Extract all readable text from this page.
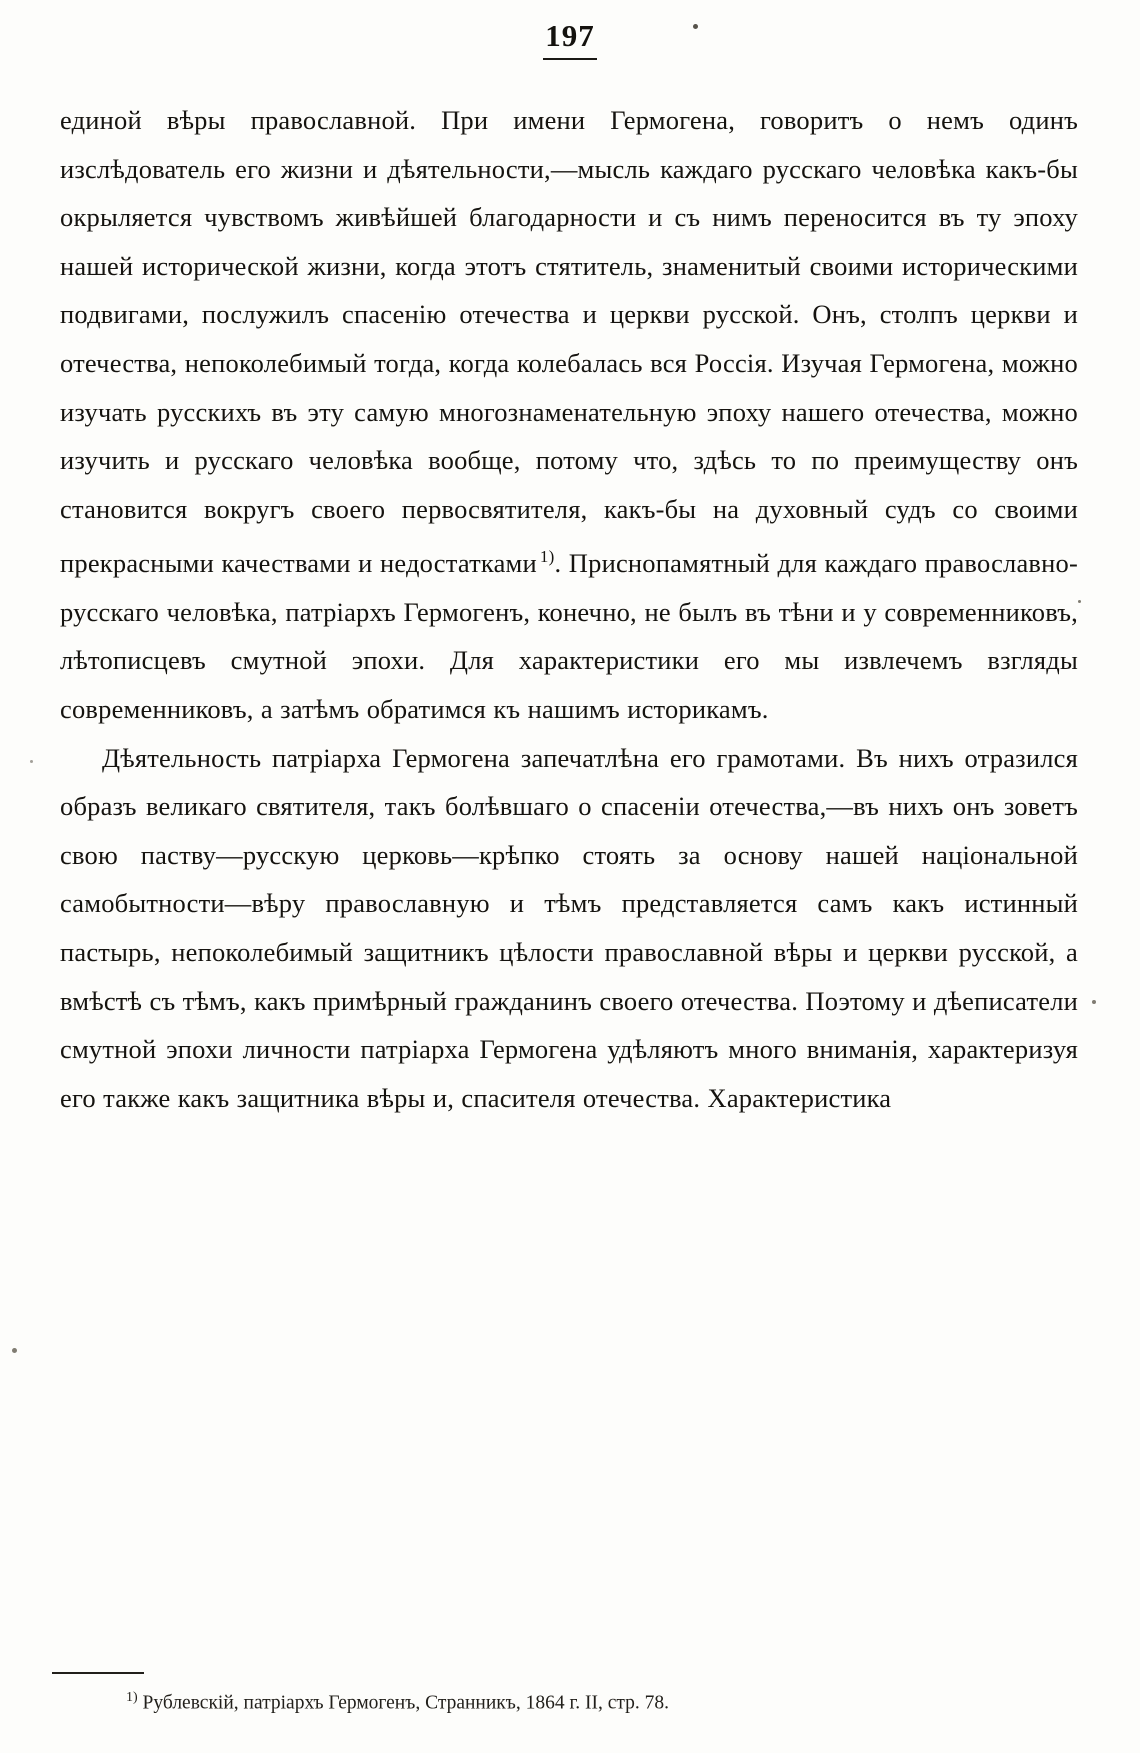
197

единой вѣры православной. При имени Гермогена, говоритъ о немъ одинъ изслѣдователь его жизни и дѣятельности,—мысль каждаго русскаго человѣка какъ-бы окрыляется чувствомъ живѣйшей благодарности и съ нимъ переносится въ ту эпоху нашей исторической жизни, когда этотъ стятитель, знаменитый своими историческими подвигами, послужилъ спасенію отечества и церкви русской. Онъ, столпъ церкви и отечества, непоколебимый тогда, когда колебалась вся Россія. Изучая Гермогена, можно изучать русскихъ въ эту самую многознаменательную эпоху нашего отечества, можно изучить и русскаго человѣка вообще, потому что, здѣсь то по преимуществу онъ становится вокругъ своего первосвятителя, какъ-бы на духовный судъ со своими прекрасными качествами и недостатками $^{1)}$. Приснопамятный для каждаго православно-русскаго человѣка, патріархъ Гермогенъ, конечно, не былъ въ тѣни и у современниковъ, лѣтописцевъ смутной эпохи. Для характеристики его мы извлечемъ взгляды современниковъ, а затѣмъ обратимся къ нашимъ историкамъ.

Дѣятельность патріарха Гермогена запечатлѣна его грамотами. Въ нихъ отразился образъ великаго святителя, такъ болѣвшаго о спасеніи отечества,—въ нихъ онъ зоветъ свою паству—русскую церковь—крѣпко стоять за основу нашей національной самобытности—вѣру православную и тѣмъ представляется самъ какъ истинный пастырь, непоколебимый защитникъ цѣлости православной вѣры и церкви русской, а вмѣстѣ съ тѣмъ, какъ примѣрный гражданинъ своего отечества. Поэтому и дѣеписатели смутной эпохи личности патріарха Гермогена удѣляютъ много вниманія, характеризуя его также какъ защитника вѣры и, спасителя отечества. Характеристика

$^{1)}$ Рублевскій, патріархъ Гермогенъ, Странникъ, 1864 г. II, стр. 78.
